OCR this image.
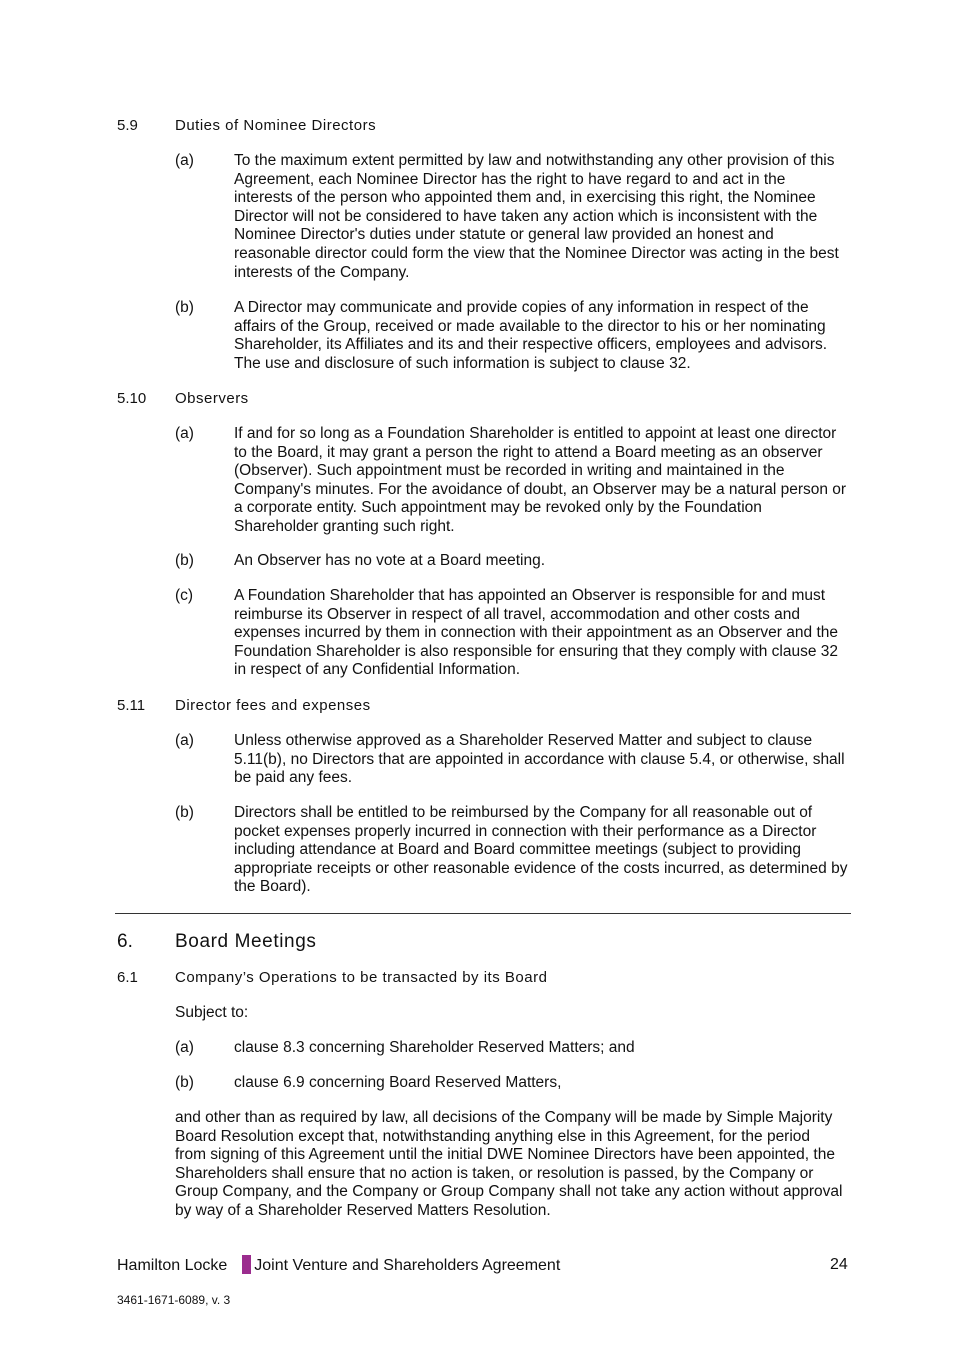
5.9 Duties of Nominee Directors
(a)	To the maximum extent permitted by law and notwithstanding any other provision of this Agreement, each Nominee Director has the right to have regard to and act in the interests of the person who appointed them and, in exercising this right, the Nominee Director will not be considered to have taken any action which is inconsistent with the Nominee Director's duties under statute or general law provided an honest and reasonable director could form the view that the Nominee Director was acting in the best interests of the Company.
(b)	A Director may communicate and provide copies of any information in respect of the affairs of the Group, received or made available to the director to his or her nominating Shareholder, its Affiliates and its and their respective officers, employees and advisors. The use and disclosure of such information is subject to clause 32.
5.10 Observers
(a)	If and for so long as a Foundation Shareholder is entitled to appoint at least one director to the Board, it may grant a person the right to attend a Board meeting as an observer (Observer). Such appointment must be recorded in writing and maintained in the Company's minutes. For the avoidance of doubt, an Observer may be a natural person or a corporate entity. Such appointment may be revoked only by the Foundation Shareholder granting such right.
(b)	An Observer has no vote at a Board meeting.
(c)	A Foundation Shareholder that has appointed an Observer is responsible for and must reimburse its Observer in respect of all travel, accommodation and other costs and expenses incurred by them in connection with their appointment as an Observer and the Foundation Shareholder is also responsible for ensuring that they comply with clause 32 in respect of any Confidential Information.
5.11 Director fees and expenses
(a)	Unless otherwise approved as a Shareholder Reserved Matter and subject to clause 5.11(b), no Directors that are appointed in accordance with clause 5.4, or otherwise, shall be paid any fees.
(b)	Directors shall be entitled to be reimbursed by the Company for all reasonable out of pocket expenses properly incurred in connection with their performance as a Director including attendance at Board and Board committee meetings (subject to providing appropriate receipts or other reasonable evidence of the costs incurred, as determined by the Board).
6. Board Meetings
6.1 Company’s Operations to be transacted by its Board
Subject to:
(a)	clause 8.3 concerning Shareholder Reserved Matters; and
(b)	clause 6.9 concerning Board Reserved Matters,
and other than as required by law, all decisions of the Company will be made by Simple Majority Board Resolution except that, notwithstanding anything else in this Agreement, for the period from signing of this Agreement until the initial DWE Nominee Directors have been appointed, the Shareholders shall ensure that no action is taken, or resolution is passed, by the Company or Group Company, and the Company or Group Company shall not take any action without approval by way of a Shareholder Reserved Matters Resolution.
Hamilton Locke Joint Venture and Shareholders Agreement	24
3461-1671-6089, v. 3
